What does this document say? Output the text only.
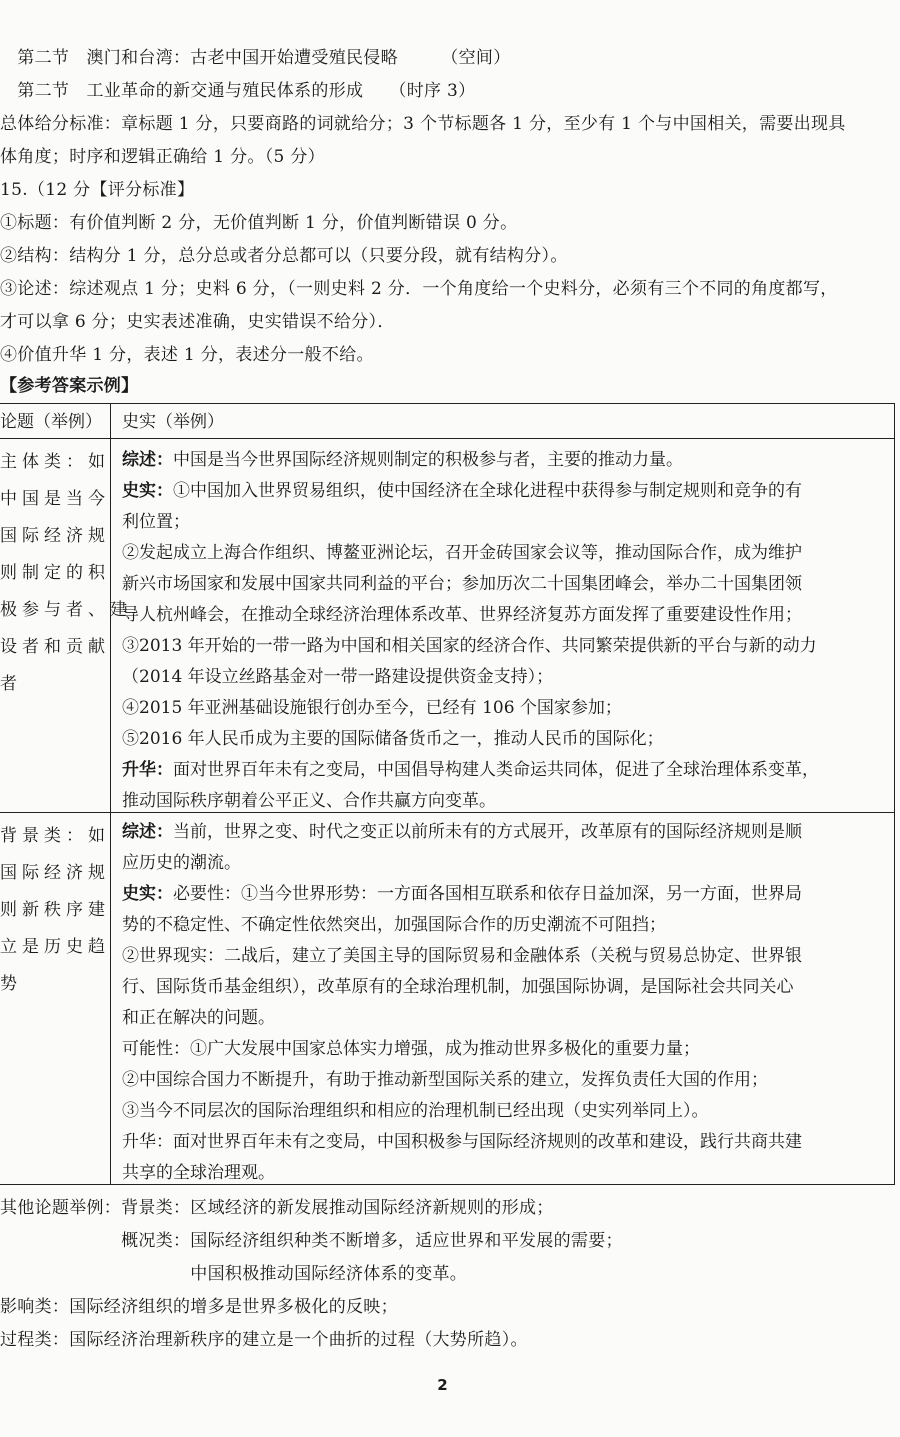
　第二节　澳门和台湾：古老中国开始遭受殖民侵略　　　（空间）
　第二节　工业革命的新交通与殖民体系的形成　　（时序 3）
总体给分标准：章标题 1 分，只要商路的词就给分；3 个节标题各 1 分，至少有 1 个与中国相关，需要出现具
体角度；时序和逻辑正确给 1 分。（5 分）
15.（12 分【评分标准】
①标题：有价值判断 2 分，无价值判断 1 分，价值判断错误 0 分。
②结构：结构分 1 分，总分总或者分总都可以（只要分段，就有结构分）。
③论述：综述观点 1 分；史料 6 分，（一则史料 2 分．一个角度给一个史料分，必须有三个不同的角度都写，
才可以拿 6 分；史实表述准确，史实错误不给分）．
④价值升华 1 分，表述 1 分，表述分一般不给。
【参考答案示例】
论题（举例） 史实（举例）
主体类：如
中国是当今
国际经济规
则制定的积
极参与者、建
设者和贡献
者
综述：中国是当今世界国际经济规则制定的积极参与者，主要的推动力量。
史实：①中国加入世界贸易组织，使中国经济在全球化进程中获得参与制定规则和竞争的有
利位置；
②发起成立上海合作组织、博鳌亚洲论坛，召开金砖国家会议等，推动国际合作，成为维护
新兴市场国家和发展中国家共同利益的平台；参加历次二十国集团峰会，举办二十国集团领
导人杭州峰会，在推动全球经济治理体系改革、世界经济复苏方面发挥了重要建设性作用；
③2013 年开始的一带一路为中国和相关国家的经济合作、共同繁荣提供新的平台与新的动力
（2014 年设立丝路基金对一带一路建设提供资金支持）；
④2015 年亚洲基础设施银行创办至今，已经有 106 个国家参加；
⑤2016 年人民币成为主要的国际储备货币之一，推动人民币的国际化；
升华：面对世界百年未有之变局，中国倡导构建人类命运共同体，促进了全球治理体系变革，
推动国际秩序朝着公平正义、合作共赢方向变革。
背景类：如
国际经济规
则新秩序建
立是历史趋
势
综述：当前，世界之变、时代之变正以前所未有的方式展开，改革原有的国际经济规则是顺
应历史的潮流。
史实：必要性：①当今世界形势：一方面各国相互联系和依存日益加深，另一方面，世界局
势的不稳定性、不确定性依然突出，加强国际合作的历史潮流不可阻挡；
②世界现实：二战后，建立了美国主导的国际贸易和金融体系（关税与贸易总协定、世界银
行、国际货币基金组织），改革原有的全球治理机制，加强国际协调，是国际社会共同关心
和正在解决的问题。
可能性：①广大发展中国家总体实力增强，成为推动世界多极化的重要力量；
②中国综合国力不断提升，有助于推动新型国际关系的建立，发挥负责任大国的作用；
③当今不同层次的国际治理组织和相应的治理机制已经出现（史实列举同上）。
升华：面对世界百年未有之变局，中国积极参与国际经济规则的改革和建设，践行共商共建
共享的全球治理观。
其他论题举例：背景类：区域经济的新发展推动国际经济新规则的形成；
　　　　　　　概况类：国际经济组织种类不断增多，适应世界和平发展的需要；
　　　　　　　　　　　中国积极推动国际经济体系的变革。
影响类：国际经济组织的增多是世界多极化的反映；
过程类：国际经济治理新秩序的建立是一个曲折的过程（大势所趋）。
2
